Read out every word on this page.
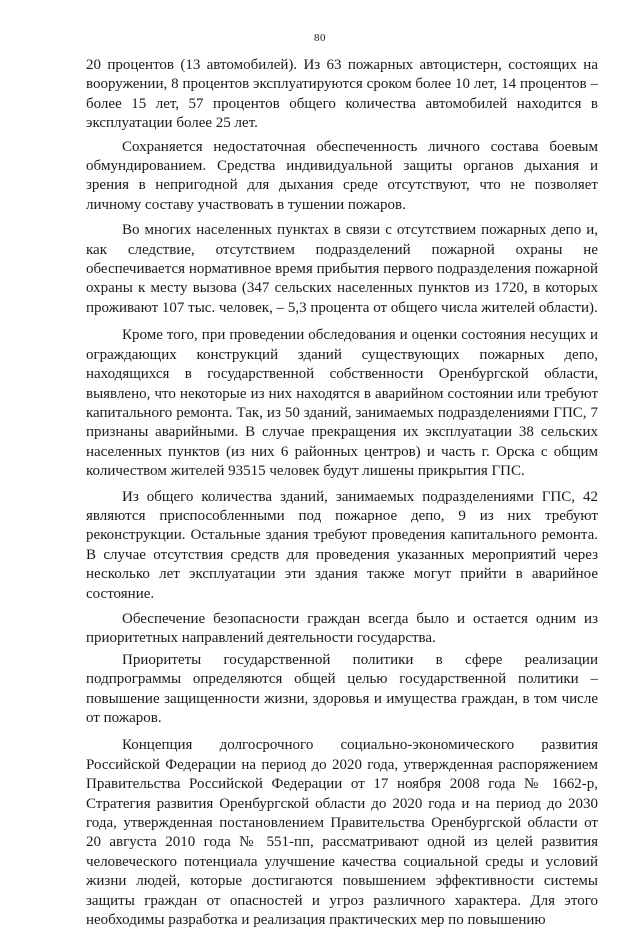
80

20 процентов (13 автомобилей). Из 63 пожарных автоцистерн, состоящих на вооружении, 8 процентов эксплуатируются сроком более 10 лет, 14 процентов – более 15 лет, 57 процентов общего количества автомобилей находится в эксплуатации более 25 лет.

Сохраняется недостаточная обеспеченность личного состава боевым обмундированием. Средства индивидуальной защиты органов дыхания и зрения в непригодной для дыхания среде отсутствуют, что не позволяет личному составу участвовать в тушении пожаров.

Во многих населенных пунктах в связи с отсутствием пожарных депо и, как следствие, отсутствием подразделений пожарной охраны не обеспечивается нормативное время прибытия первого подразделения пожарной охраны к месту вызова (347 сельских населенных пунктов из 1720, в которых проживают 107 тыс. человек, – 5,3 процента от общего числа жителей области).

Кроме того, при проведении обследования и оценки состояния несущих и ограждающих конструкций зданий существующих пожарных депо, находящихся в государственной собственности Оренбургской области, выявлено, что некоторые из них находятся в аварийном состоянии или требуют капитального ремонта. Так, из 50 зданий, занимаемых подразделениями ГПС, 7 признаны аварийными. В случае прекращения их эксплуатации 38 сельских населенных пунктов (из них 6 районных центров) и часть г. Орска с общим количеством жителей 93515 человек будут лишены прикрытия ГПС.

Из общего количества зданий, занимаемых подразделениями ГПС, 42 являются приспособленными под пожарное депо, 9 из них требуют реконструкции. Остальные здания требуют проведения капитального ремонта. В случае отсутствия средств для проведения указанных мероприятий через несколько лет эксплуатации эти здания также могут прийти в аварийное состояние.

Обеспечение безопасности граждан всегда было и остается одним из приоритетных направлений деятельности государства.

Приоритеты государственной политики в сфере реализации подпрограммы определяются общей целью государственной политики – повышение защищенности жизни, здоровья и имущества граждан, в том числе от пожаров.

Концепция долгосрочного социально-экономического развития Российской Федерации на период до 2020 года, утвержденная распоряжением Правительства Российской Федерации от 17 ноября 2008 года № 1662-р, Стратегия развития Оренбургской области до 2020 года и на период до 2030 года, утвержденная постановлением Правительства Оренбургской области от 20 августа 2010 года № 551-пп, рассматривают одной из целей развития человеческого потенциала улучшение качества социальной среды и условий жизни людей, которые достигаются повышением эффективности системы защиты граждан от опасностей и угроз различного характера. Для этого необходимы разработка и реализация практических мер по повышению
